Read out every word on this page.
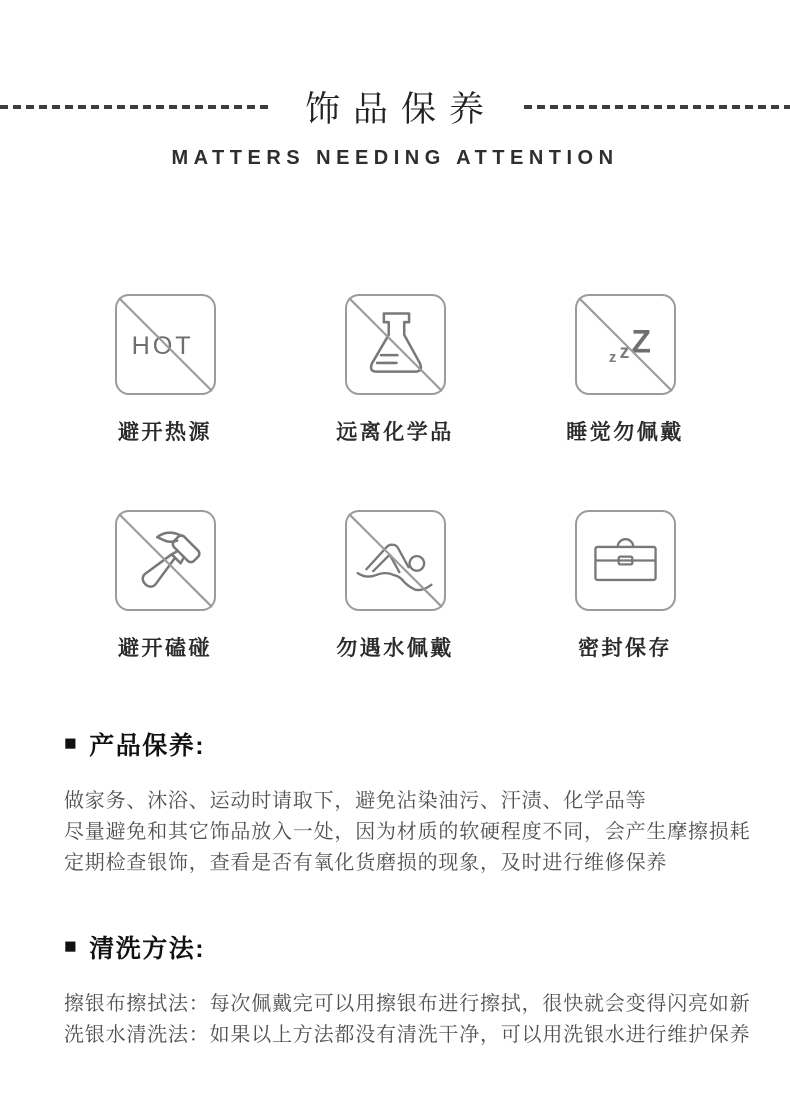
饰品保养
MATTERS NEEDING ATTENTION
HOT
避开热源	远离化学品
z z Z
睡觉勿佩戴
避开磕碰	勿遇水佩戴	密封保存
■ 产品保养:

做家务、沐浴、运动时请取下，避免沾染油污、汗渍、化学品等

尽量避免和其它饰品放入一处，因为材质的软硬程度不同，会产生摩擦损耗

定期检查银饰，查看是否有氧化货磨损的现象，及时进行维修保养

■ 清洗方法:

擦银布擦拭法：每次佩戴完可以用擦银布进行擦拭，很快就会变得闪亮如新

洗银水清洗法：如果以上方法都没有清洗干净，可以用洗银水进行维护保养
